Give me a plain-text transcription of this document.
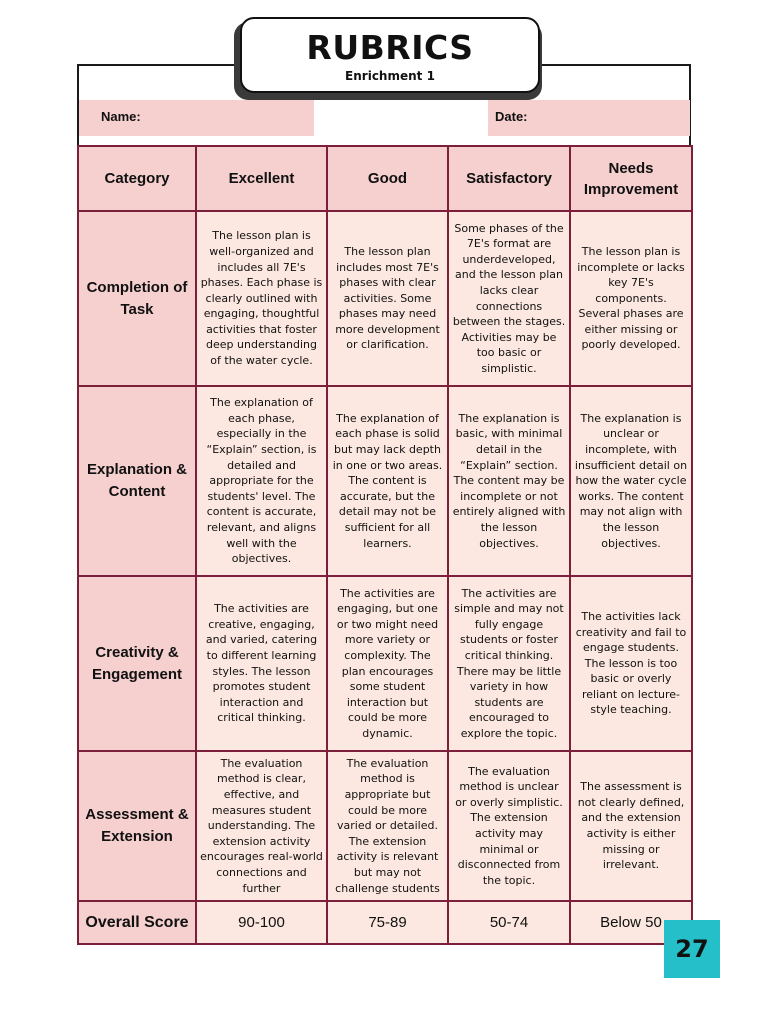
RUBRICS
Enrichment 1
Name:	Date:
Category	Excellent	Good	Satisfactory	Needs Improvement
Completion of Task	The lesson plan is well-organized and includes all 7E's phases. Each phase is clearly outlined with engaging, thoughtful activities that foster deep understanding of the water cycle.	The lesson plan includes most 7E's phases with clear activities. Some phases may need more development or clarification.	Some phases of the 7E's format are underdeveloped, and the lesson plan lacks clear connections between the stages. Activities may be too basic or simplistic.	The lesson plan is incomplete or lacks key 7E's components. Several phases are either missing or poorly developed.
Explanation & Content	The explanation of each phase, especially in the “Explain” section, is detailed and appropriate for the students' level. The content is accurate, relevant, and aligns well with the objectives.	The explanation of each phase is solid but may lack depth in one or two areas. The content is accurate, but the detail may not be sufficient for all learners.	The explanation is basic, with minimal detail in the “Explain” section. The content may be incomplete or not entirely aligned with the lesson objectives.	The explanation is unclear or incomplete, with insufficient detail on how the water cycle works. The content may not align with the lesson objectives.
Creativity & Engagement	The activities are creative, engaging, and varied, catering to different learning styles. The lesson promotes student interaction and critical thinking.	The activities are engaging, but one or two might need more variety or complexity. The plan encourages some student interaction but could be more dynamic.	The activities are simple and may not fully engage students or foster critical thinking. There may be little variety in how students are encouraged to explore the topic.	The activities lack creativity and fail to engage students. The lesson is too basic or overly reliant on lecture-style teaching.
Assessment & Extension	The evaluation method is clear, effective, and measures student understanding. The extension activity encourages real-world connections and further	The evaluation method is appropriate but could be more varied or detailed. The extension activity is relevant but may not challenge students	The evaluation method is unclear or overly simplistic. The extension activity may minimal or disconnected from the topic.	The assessment is not clearly defined, and the extension activity is either missing or irrelevant.
Overall Score	90-100	75-89	50-74	Below 50
27
